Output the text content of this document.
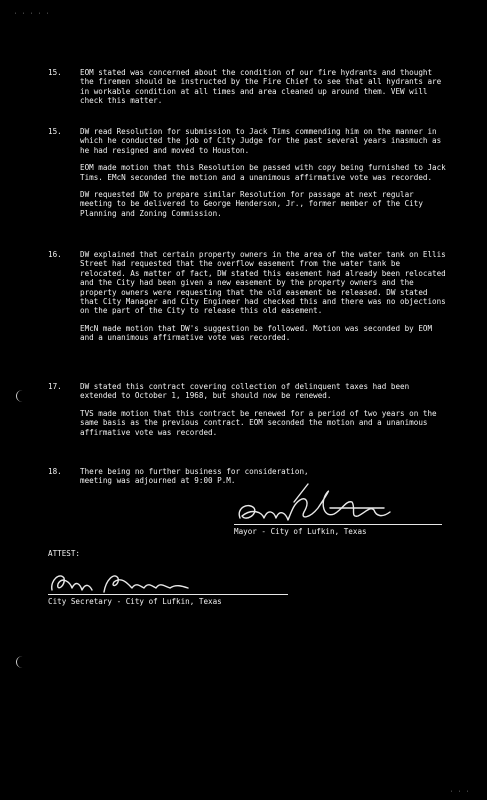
· · · · ·
15.	EOM stated was concerned about the condition of our fire hydrants and thought the firemen should be instructed by the Fire Chief to see that all hydrants are in workable condition at all times and area cleaned up around them. VEW will check this matter.

15.	DW read Resolution for submission to Jack Tims commending him on the manner in which he conducted the job of City Judge for the past several years inasmuch as he had resigned and moved to Houston.

EOM made motion that this Resolution be passed with copy being furnished to Jack Tims. EMcN seconded the motion and a unanimous affirmative vote was recorded.

DW requested DW to prepare similar Resolution for passage at next regular meeting to be delivered to George Henderson, Jr., former member of the City Planning and Zoning Commission.

16.	DW explained that certain property owners in the area of the water tank on Ellis Street had requested that the overflow easement from the water tank be relocated. As matter of fact, DW stated this easement had already been relocated and the City had been given a new easement by the property owners and the property owners were requesting that the old easement be released. DW stated that City Manager and City Engineer had checked this and there was no objections on the part of the City to release this old easement.

EMcN made motion that DW's suggestion be followed. Motion was seconded by EOM and a unanimous affirmative vote was recorded.

17.	DW stated this contract covering collection of delinquent taxes had been extended to October 1, 1968, but should now be renewed.

TVS made motion that this contract be renewed for a period of two years on the same basis as the previous contract. EOM seconded the motion and a unanimous affirmative vote was recorded.

18.	There being no further business for consideration, meeting was adjourned at 9:00 P.M.

Mayor - City of Lufkin, Texas
ATTEST:
City Secretary - City of Lufkin, Texas
· · ·
